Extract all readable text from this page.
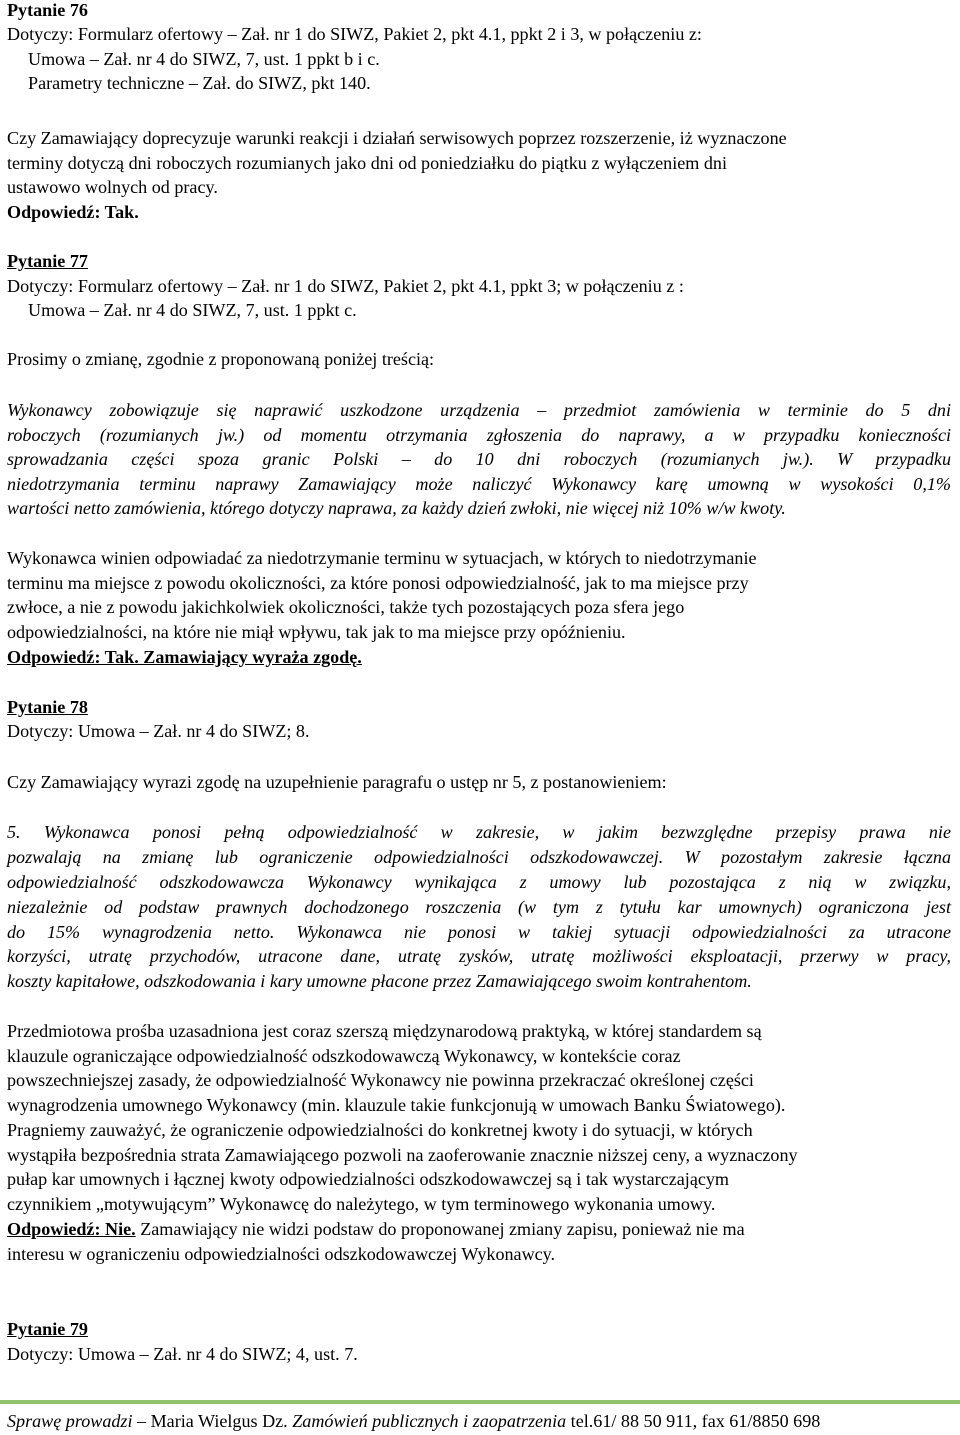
Pytanie 76

Dotyczy: Formularz ofertowy – Zał. nr 1 do SIWZ, Pakiet 2, pkt 4.1, ppkt 2 i 3, w połączeniu z:

Umowa – Zał. nr 4 do SIWZ, 7, ust. 1 ppkt b i c.

Parametry techniczne – Zał. do SIWZ, pkt 140.

Czy Zamawiający doprecyzuje warunki reakcji i działań serwisowych poprzez rozszerzenie, iż wyznaczone

terminy dotyczą dni roboczych rozumianych jako dni od poniedziałku do piątku z wyłączeniem dni

ustawowo wolnych od pracy.

Odpowiedź: Tak.

Pytanie 77

Dotyczy: Formularz ofertowy – Zał. nr 1 do SIWZ, Pakiet 2, pkt 4.1, ppkt 3; w połączeniu z :

Umowa – Zał. nr 4 do SIWZ, 7, ust. 1 ppkt c.

Prosimy o zmianę, zgodnie z proponowaną poniżej treścią:

Wykonawcy zobowiązuje się naprawić uszkodzone urządzenia – przedmiot zamówienia w terminie do 5 dni

roboczych (rozumianych jw.) od momentu otrzymania zgłoszenia do naprawy, a w przypadku konieczności

sprowadzania części spoza granic Polski – do 10 dni roboczych (rozumianych jw.). W przypadku

niedotrzymania terminu naprawy Zamawiający może naliczyć Wykonawcy karę umowną w wysokości 0,1%

wartości netto zamówienia, którego dotyczy naprawa, za każdy dzień zwłoki, nie więcej niż 10% w/w kwoty.

Wykonawca winien odpowiadać za niedotrzymanie terminu w sytuacjach, w których to niedotrzymanie

terminu ma miejsce z powodu okoliczności, za które ponosi odpowiedzialność, jak to ma miejsce przy

zwłoce, a nie z powodu jakichkolwiek okoliczności, także tych pozostających poza sfera jego

odpowiedzialności, na które nie miął wpływu, tak jak to ma miejsce przy opóźnieniu.

Odpowiedź: Tak. Zamawiający wyraża zgodę.

Pytanie 78

Dotyczy: Umowa – Zał. nr 4 do SIWZ; 8.

Czy Zamawiający wyrazi zgodę na uzupełnienie paragrafu o ustęp nr 5, z postanowieniem:

5. Wykonawca ponosi pełną odpowiedzialność w zakresie, w jakim bezwzględne przepisy prawa nie

pozwalają na zmianę lub ograniczenie odpowiedzialności odszkodowawczej. W pozostałym zakresie łączna

odpowiedzialność odszkodowawcza Wykonawcy wynikająca z umowy lub pozostająca z nią w związku,

niezależnie od podstaw prawnych dochodzonego roszczenia (w tym z tytułu kar umownych) ograniczona jest

do 15% wynagrodzenia netto. Wykonawca nie ponosi w takiej sytuacji odpowiedzialności za utracone

korzyści, utratę przychodów, utracone dane, utratę zysków, utratę możliwości eksploatacji, przerwy w pracy,

koszty kapitałowe, odszkodowania i kary umowne płacone przez Zamawiającego swoim kontrahentom.

Przedmiotowa prośba uzasadniona jest coraz szerszą międzynarodową praktyką, w której standardem są

klauzule ograniczające odpowiedzialność odszkodowawczą Wykonawcy, w kontekście coraz

powszechniejszej zasady, że odpowiedzialność Wykonawcy nie powinna przekraczać określonej części

wynagrodzenia umownego Wykonawcy (min. klauzule takie funkcjonują w umowach Banku Światowego).

Pragniemy zauważyć, że ograniczenie odpowiedzialności do konkretnej kwoty i do sytuacji, w których

wystąpiła bezpośrednia strata Zamawiającego pozwoli na zaoferowanie znacznie niższej ceny, a wyznaczony

pułap kar umownych i łącznej kwoty odpowiedzialności odszkodowawczej są i tak wystarczającym

czynnikiem „motywującym” Wykonawcę do należytego, w tym terminowego wykonania umowy.

Odpowiedź: Nie. Zamawiający nie widzi podstaw do proponowanej zmiany zapisu, ponieważ nie ma

interesu w ograniczeniu odpowiedzialności odszkodowawczej Wykonawcy.

Pytanie 79

Dotyczy: Umowa – Zał. nr 4 do SIWZ; 4, ust. 7.

Sprawę prowadzi – Maria Wielgus Dz. Zamówień publicznych i zaopatrzenia tel.61/ 88 50 911, fax 61/8850 698
